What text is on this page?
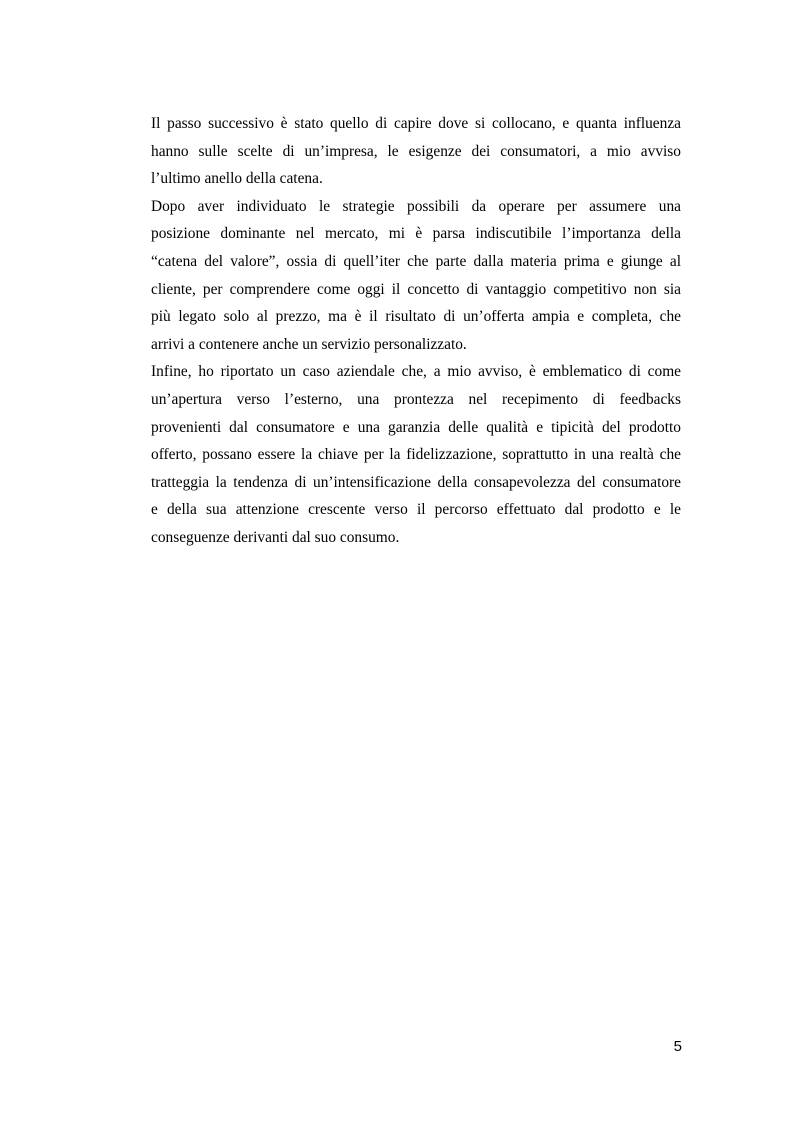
Il passo successivo è stato quello di capire dove si collocano, e quanta influenza
hanno sulle scelte di un’impresa, le esigenze dei consumatori, a mio avviso
l’ultimo anello della catena.
Dopo aver individuato le strategie possibili da operare per assumere una
posizione dominante nel mercato, mi è parsa indiscutibile l’importanza della
“catena del valore”, ossia di quell’iter che parte dalla materia prima e giunge al
cliente, per comprendere come oggi il concetto di vantaggio competitivo non sia
più legato solo al prezzo, ma è il risultato di un’offerta ampia e completa, che
arrivi a contenere anche un servizio personalizzato.
Infine, ho riportato un caso aziendale che, a mio avviso, è emblematico di come
un’apertura verso l’esterno, una prontezza nel recepimento di feedbacks
provenienti dal consumatore e una garanzia delle qualità e tipicità del prodotto
offerto, possano essere la chiave per la fidelizzazione, soprattutto in una realtà che
tratteggia la tendenza di un’intensificazione della consapevolezza del consumatore
e della sua attenzione crescente verso il percorso effettuato dal prodotto e le
conseguenze derivanti dal suo consumo.
5
